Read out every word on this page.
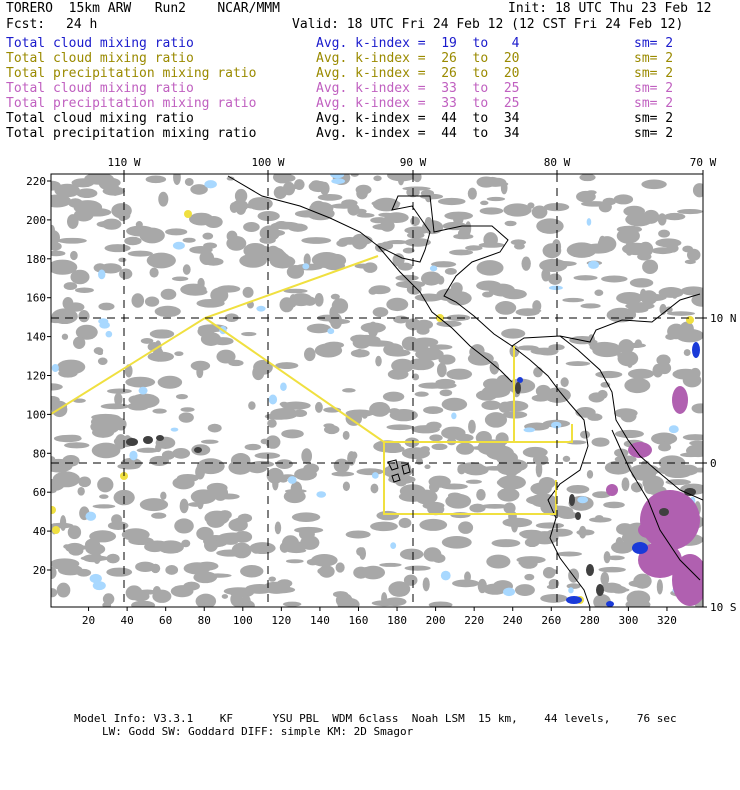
TORERO  15km ARW   Run2    NCAR/MMM	Init: 18 UTC Thu 23 Feb 12
Fcst: 24 h	Valid: 18 UTC Fri 24 Feb 12 (12 CST Fri 24 Feb 12)
Total cloud mixing ratio	Avg. k-index =  19  to   4	sm= 2
Total cloud mixing ratio	Avg. k-index =  26  to  20	sm= 2
Total precipitation mixing ratio	Avg. k-index =  26  to  20	sm= 2
Total cloud mixing ratio	Avg. k-index =  33  to  25	sm= 2
Total precipitation mixing ratio	Avg. k-index =  33  to  25	sm= 2
Total cloud mixing ratio	Avg. k-index =  44  to  34	sm= 2
Total precipitation mixing ratio	Avg. k-index =  44  to  34	sm= 2
110 W	100 W	90 W	80 W	70 W
10 N
0
10 S
20 40 60 80 100 120 140 160 180 200 220 240 260 280 300 320
220
200
180
160
140
120
100
80
60
40
20
Model Info: V3.3.1    KF      YSU PBL  WDM 6class  Noah LSM  15 km,    44 levels,    76 sec
LW: Godd SW: Goddard DIFF: simple KM: 2D Smagor
